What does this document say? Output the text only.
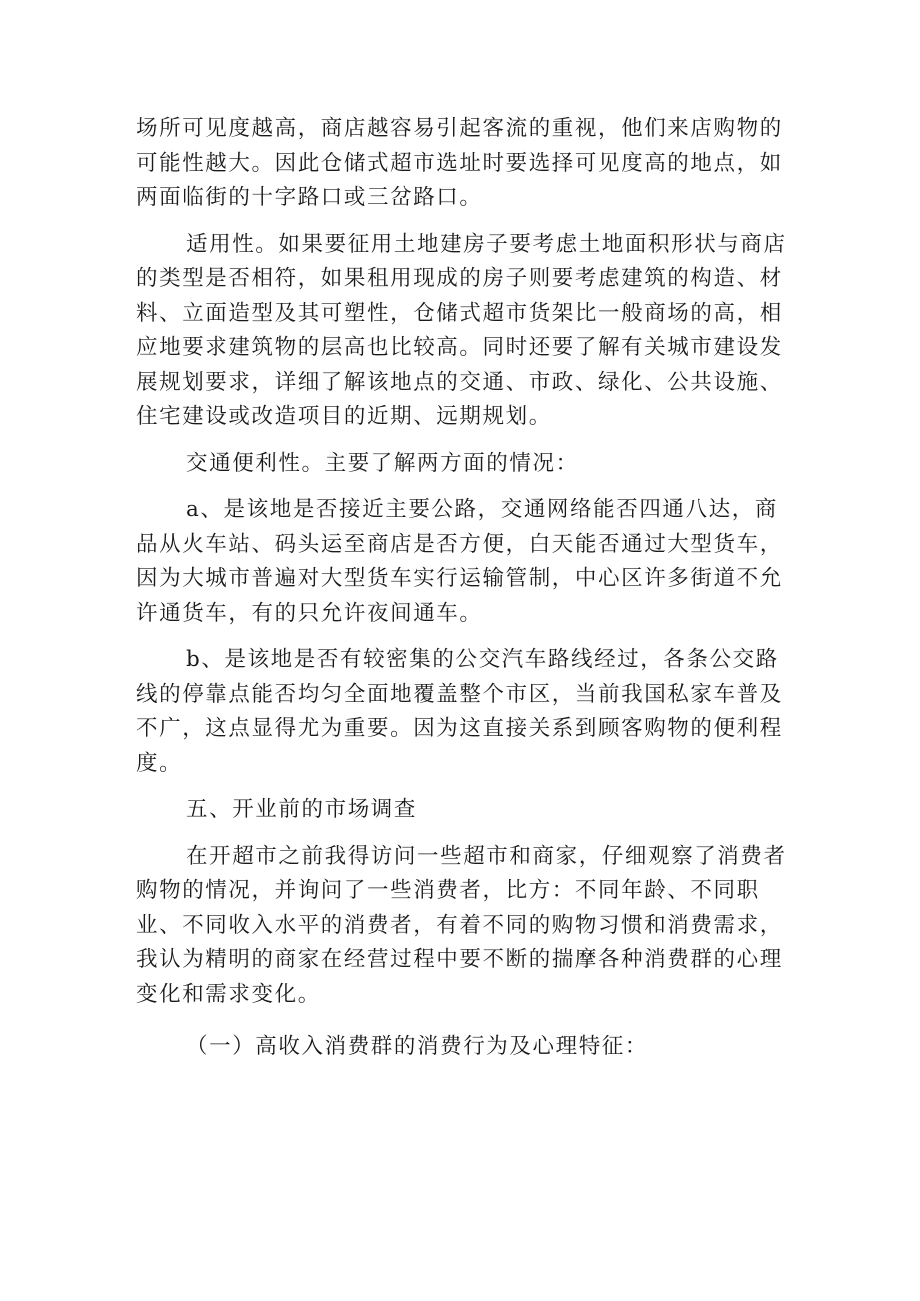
场所可见度越高，商店越容易引起客流的重视，他们来店购物的可能性越大。因此仓储式超市选址时要选择可见度高的地点，如两面临街的十字路口或三岔路口。

适用性。如果要征用土地建房子要考虑土地面积形状与商店的类型是否相符，如果租用现成的房子则要考虑建筑的构造、材料、立面造型及其可塑性，仓储式超市货架比一般商场的高，相应地要求建筑物的层高也比较高。同时还要了解有关城市建设发展规划要求，详细了解该地点的交通、市政、绿化、公共设施、住宅建设或改造项目的近期、远期规划。

交通便利性。主要了解两方面的情况：

a、是该地是否接近主要公路，交通网络能否四通八达，商品从火车站、码头运至商店是否方便，白天能否通过大型货车，因为大城市普遍对大型货车实行运输管制，中心区许多街道不允许通货车，有的只允许夜间通车。

b、是该地是否有较密集的公交汽车路线经过，各条公交路线的停靠点能否均匀全面地覆盖整个市区，当前我国私家车普及不广，这点显得尤为重要。因为这直接关系到顾客购物的便利程度。

五、开业前的市场调查

在开超市之前我得访问一些超市和商家，仔细观察了消费者购物的情况，并询问了一些消费者，比方：不同年龄、不同职业、不同收入水平的消费者，有着不同的购物习惯和消费需求，我认为精明的商家在经营过程中要不断的揣摩各种消费群的心理变化和需求变化。

（一）高收入消费群的消费行为及心理特征：
